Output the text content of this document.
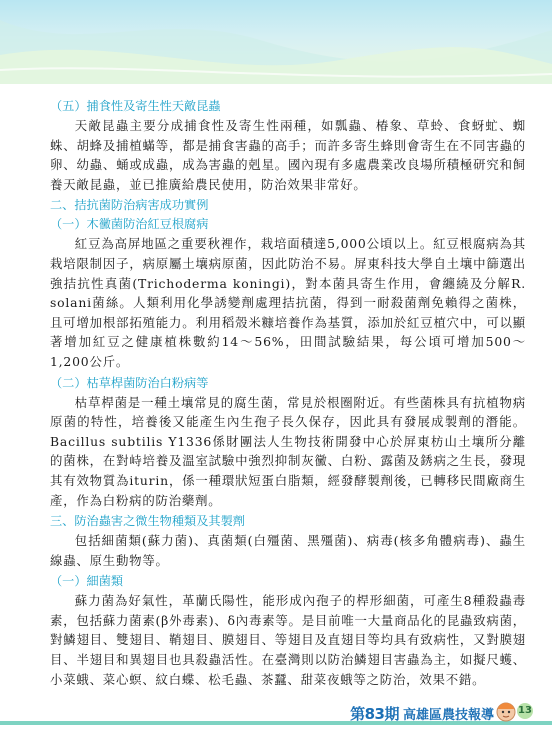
（五）捕食性及寄生性天敵昆蟲

天敵昆蟲主要分成捕食性及寄生性兩種，如瓢蟲、椿象、草蛉、食蚜虻、蜘蛛、胡蜂及捕植蟎等，都是捕食害蟲的高手；而許多寄生蜂則會寄生在不同害蟲的卵、幼蟲、蛹或成蟲，成為害蟲的剋星。國內現有多處農業改良場所積極研究和飼養天敵昆蟲，並已推廣給農民使用，防治效果非常好。

二、拮抗菌防治病害成功實例
（一）木黴菌防治紅豆根腐病

紅豆為高屏地區之重要秋裡作，栽培面積達5,000公頃以上。紅豆根腐病為其栽培限制因子，病原屬土壤病原菌，因此防治不易。屏東科技大學自土壤中篩選出強拮抗性真菌(Trichoderma koningi)，對本菌具寄生作用，會纏繞及分解R. solani菌絲。人類利用化學誘變劑處理拮抗菌，得到一耐殺菌劑免賴得之菌株，且可增加根部拓殖能力。利用稻殼米糠培養作為基質，添加於紅豆植穴中，可以顯著增加紅豆之健康植株數約14～56%，田間試驗結果，每公頃可增加500～1,200公斤。

（二）枯草桿菌防治白粉病等

枯草桿菌是一種土壤常見的腐生菌，常見於根圈附近。有些菌株具有抗植物病原菌的特性，培養後又能產生內生孢子長久保存，因此具有發展成製劑的潛能。Bacillus subtilis Y1336係財團法人生物技術開發中心於屏東枋山土壤所分離的菌株，在對峙培養及溫室試驗中強烈抑制灰黴、白粉、露菌及銹病之生長，發現其有效物質為iturin，係一種環狀短蛋白脂類，經發酵製劑後，已轉移民間廠商生產，作為白粉病的防治藥劑。

三、防治蟲害之微生物種類及其製劑

包括細菌類(蘇力菌)、真菌類(白殭菌、黑殭菌)、病毒(核多角體病毒)、蟲生線蟲、原生動物等。

（一）細菌類

蘇力菌為好氣性，革蘭氏陽性，能形成內孢子的桿形細菌，可產生8種殺蟲毒素，包括蘇力菌素(β外毒素)、δ內毒素等。是目前唯一大量商品化的昆蟲致病菌，對鱗翅目、雙翅目、鞘翅目、膜翅目、等翅目及直翅目等均具有致病性，又對膜翅目、半翅目和異翅目也具殺蟲活性。在臺灣則以防治鱗翅目害蟲為主，如擬尺蠖、小菜蛾、菜心螟、紋白蝶、松毛蟲、茶蠶、甜菜夜蛾等之防治，效果不錯。

第83期 高雄區農技報導 13
